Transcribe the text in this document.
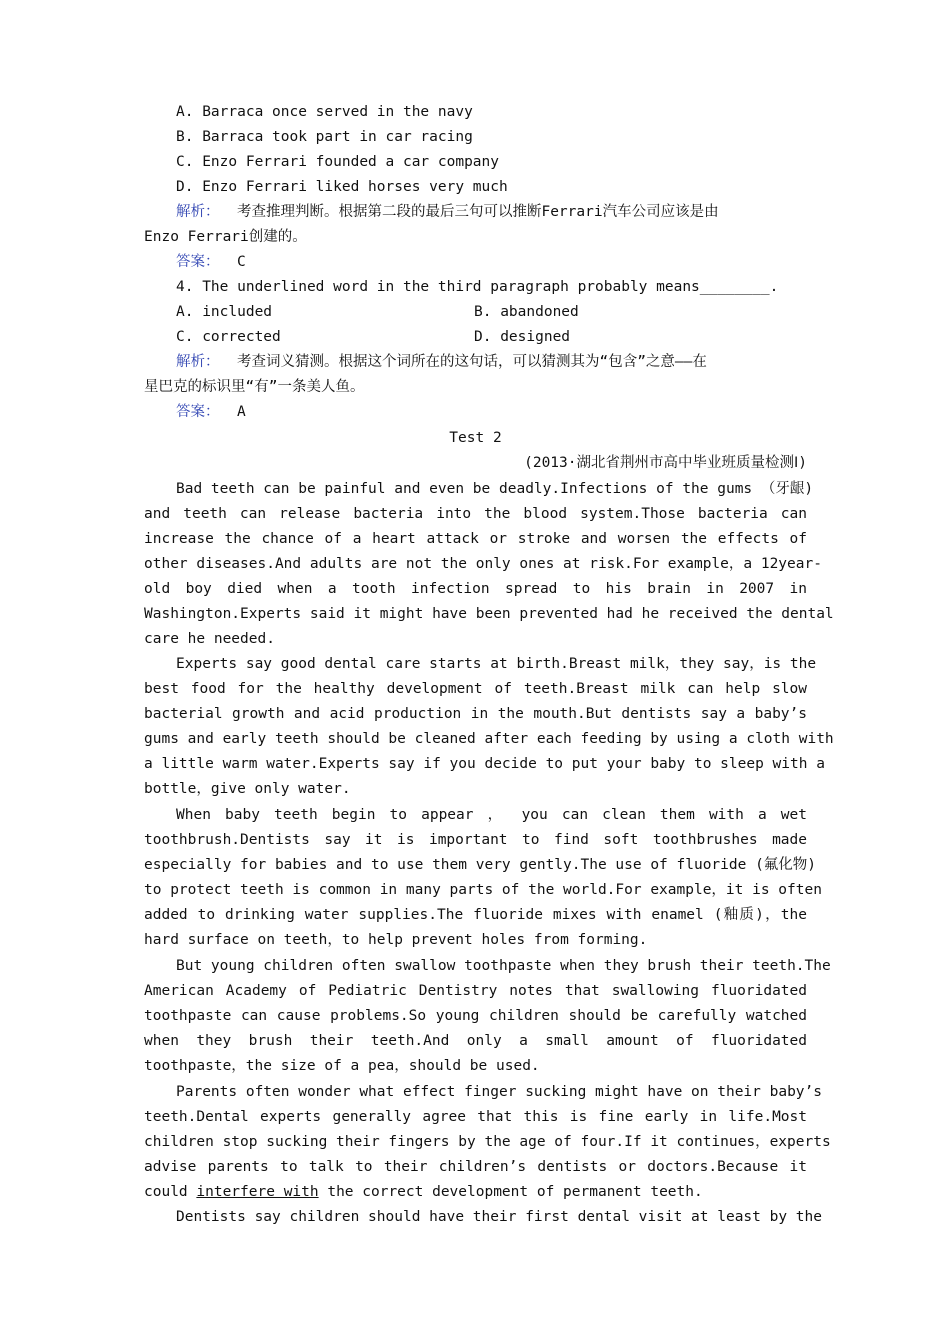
A. Barraca once served in the navy
B. Barraca took part in car racing
C. Enzo Ferrari founded a car company
D. Enzo Ferrari liked horses very much
解析： 考查推理判断。根据第二段的最后三句可以推断Ferrari汽车公司应该是由
Enzo Ferrari创建的。
答案： C
4. The underlined word in the third paragraph probably means________.
A. included	B. abandoned
C. corrected	D. designed
解析： 考查词义猜测。根据这个词所在的这句话，可以猜测其为“包含”之意——在
星巴克的标识里“有”一条美人鱼。
答案： A
Test 2
(2013·湖北省荆州市高中毕业班质量检测Ⅰ)
Bad teeth can be painful and even be deadly.Infections of the gums （牙龈)
and teeth can release bacteria into the blood system.Those bacteria can
increase the chance of a heart attack or stroke and worsen the effects of
other diseases.And adults are not the only ones at risk.For example，a 12year-
old boy died when a tooth infection spread to his brain in 2007 in
Washington.Experts said it might have been prevented had he received the dental
care he needed.
Experts say good dental care starts at birth.Breast milk，they say，is the
best food for the healthy development of teeth.Breast milk can help slow
bacterial growth and acid production in the mouth.But dentists say a baby’s
gums and early teeth should be cleaned after each feeding by using a cloth with
a little warm water.Experts say if you decide to put your baby to sleep with a
bottle，give only water.
When baby teeth begin to appear ， you can clean them with a wet
toothbrush.Dentists say it is important to find soft toothbrushes made
especially for babies and to use them very gently.The use of fluoride (氟化物)
to protect teeth is common in many parts of the world.For example，it is often
added to drinking water supplies.The fluoride mixes with enamel (釉质)，the
hard surface on teeth，to help prevent holes from forming.
But young children often swallow toothpaste when they brush their teeth.The
American Academy of Pediatric Dentistry notes that swallowing fluoridated
toothpaste can cause problems.So young children should be carefully watched
when they brush their teeth.And only a small amount of fluoridated
toothpaste，the size of a pea，should be used.
Parents often wonder what effect finger sucking might have on their baby’s
teeth.Dental experts generally agree that this is fine early in life.Most
children stop sucking their fingers by the age of four.If it continues，experts
advise parents to talk to their children’s dentists or doctors.Because it
could interfere with the correct development of permanent teeth.
Dentists say children should have their first dental visit at least by the
